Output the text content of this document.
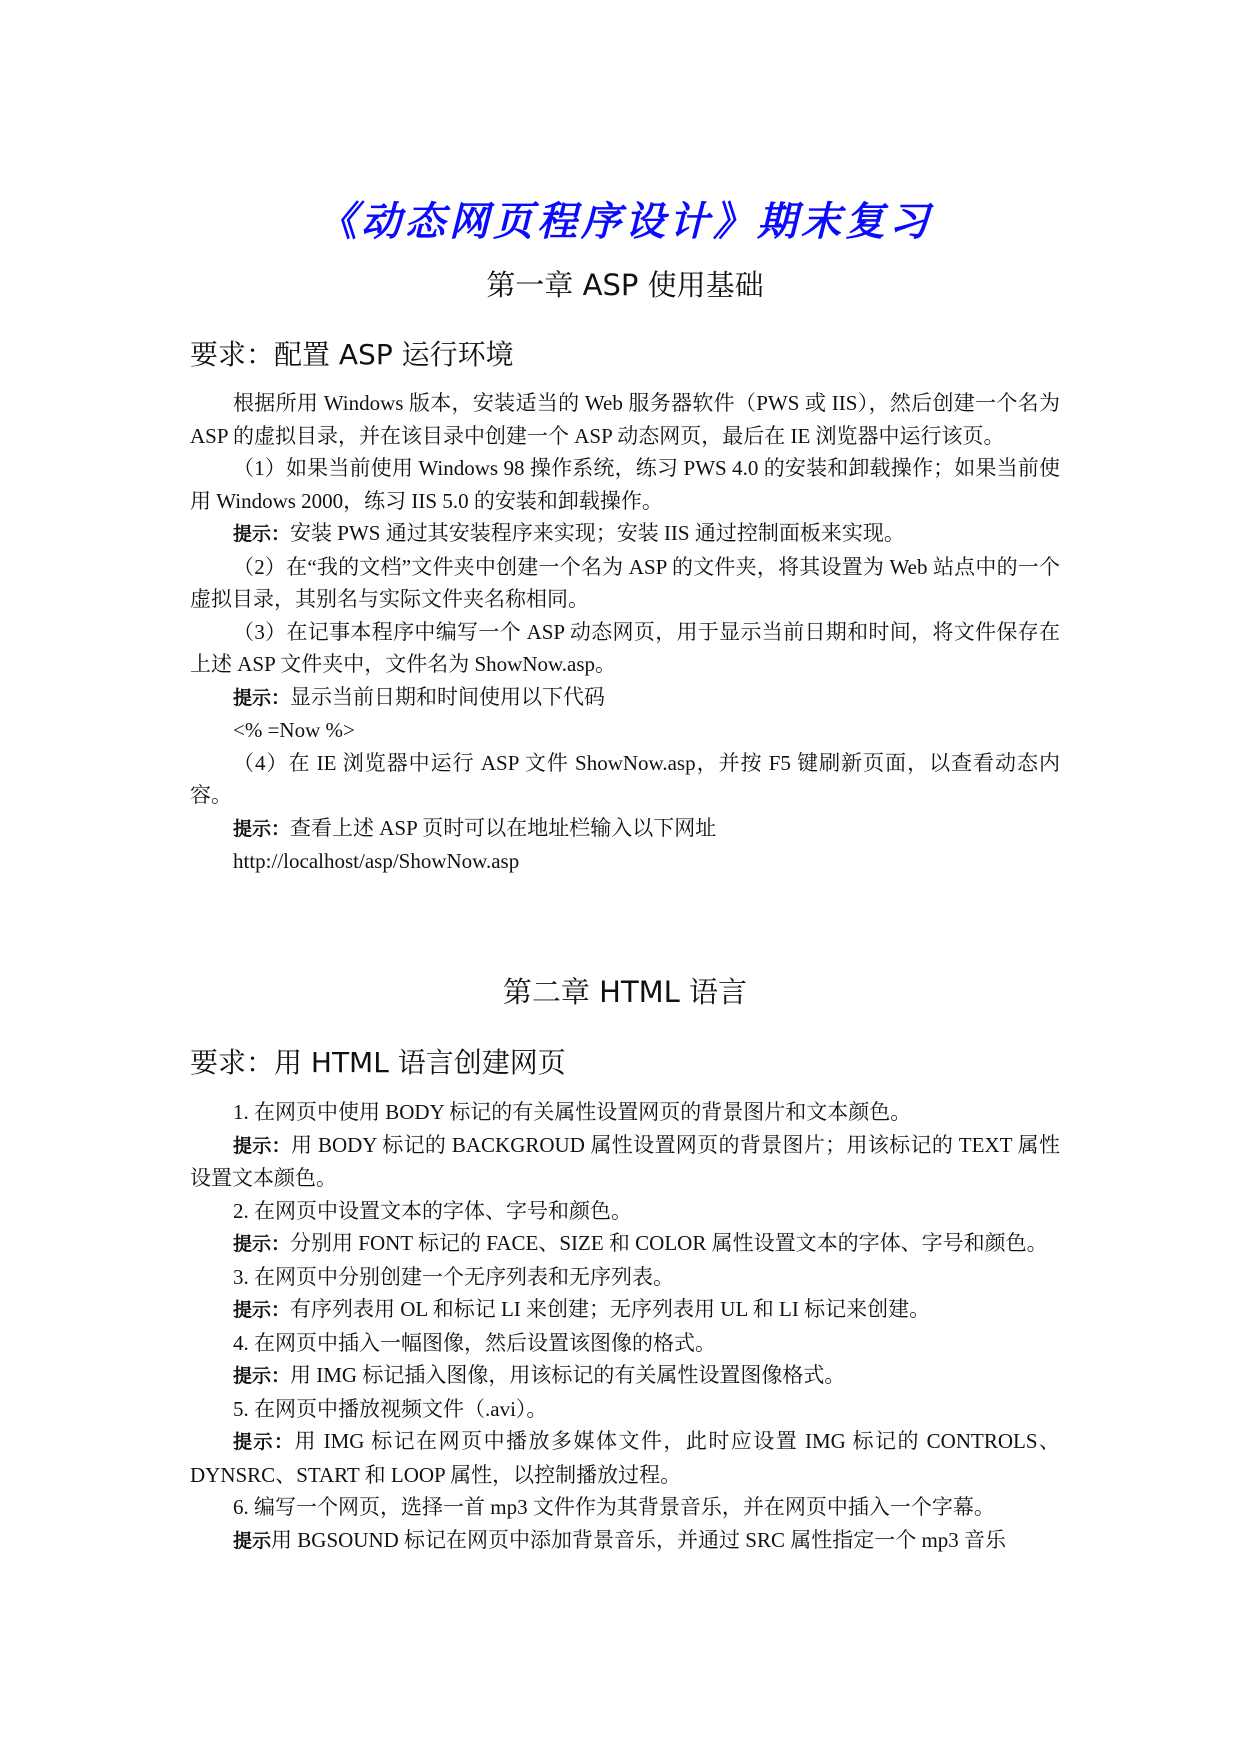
《动态网页程序设计》期末复习
第一章 ASP 使用基础
要求：配置 ASP 运行环境

根据所用 Windows 版本，安装适当的 Web 服务器软件（PWS 或 IIS），然后创建一个名为 ASP 的虚拟目录，并在该目录中创建一个 ASP 动态网页，最后在 IE 浏览器中运行该页。

（1）如果当前使用 Windows 98 操作系统，练习 PWS 4.0 的安装和卸载操作；如果当前使用 Windows 2000，练习 IIS 5.0 的安装和卸载操作。

提示：安装 PWS 通过其安装程序来实现；安装 IIS 通过控制面板来实现。

（2）在“我的文档”文件夹中创建一个名为 ASP 的文件夹，将其设置为 Web 站点中的一个虚拟目录，其别名与实际文件夹名称相同。

（3）在记事本程序中编写一个 ASP 动态网页，用于显示当前日期和时间，将文件保存在上述 ASP 文件夹中，文件名为 ShowNow.asp。

提示：显示当前日期和时间使用以下代码

<% =Now %>

（4）在 IE 浏览器中运行 ASP 文件 ShowNow.asp，并按 F5 键刷新页面，以查看动态内容。

提示：查看上述 ASP 页时可以在地址栏输入以下网址

http://localhost/asp/ShowNow.asp

第二章 HTML 语言
要求：用 HTML 语言创建网页

1. 在网页中使用 BODY 标记的有关属性设置网页的背景图片和文本颜色。

提示：用 BODY 标记的 BACKGROUD 属性设置网页的背景图片；用该标记的 TEXT 属性设置文本颜色。

2. 在网页中设置文本的字体、字号和颜色。

提示：分别用 FONT 标记的 FACE、SIZE 和 COLOR 属性设置文本的字体、字号和颜色。

3. 在网页中分别创建一个无序列表和无序列表。

提示：有序列表用 OL 和标记 LI 来创建；无序列表用 UL 和 LI 标记来创建。

4. 在网页中插入一幅图像，然后设置该图像的格式。

提示：用 IMG 标记插入图像，用该标记的有关属性设置图像格式。

5. 在网页中播放视频文件（.avi）。

提示：用 IMG 标记在网页中播放多媒体文件，此时应设置 IMG 标记的 CONTROLS、DYNSRC、START 和 LOOP 属性，以控制播放过程。

6. 编写一个网页，选择一首 mp3 文件作为其背景音乐，并在网页中插入一个字幕。

提示用 BGSOUND 标记在网页中添加背景音乐，并通过 SRC 属性指定一个 mp3 音乐
